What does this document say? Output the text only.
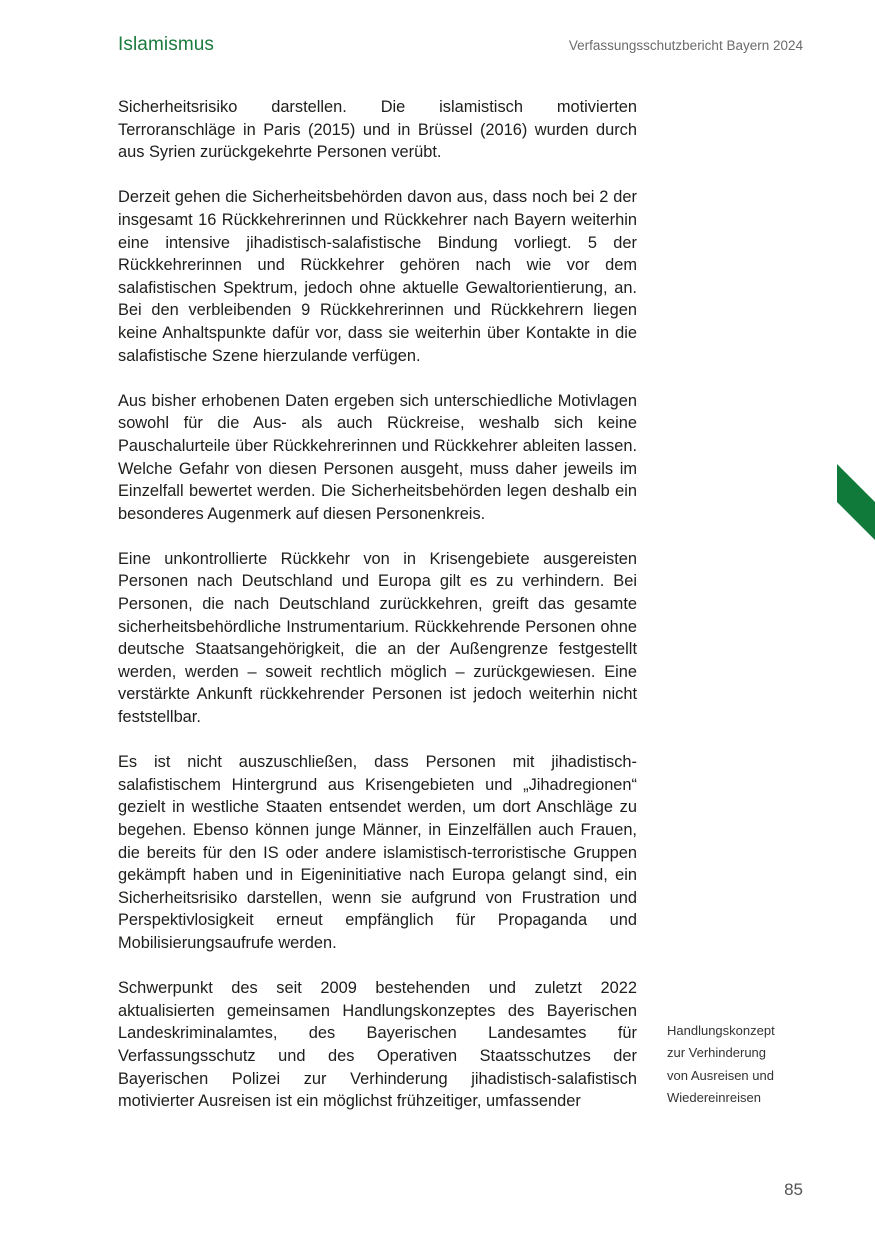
Islamismus	Verfassungsschutzbericht Bayern 2024

Sicherheitsrisiko darstellen. Die islamistisch motivierten Terroranschläge in Paris (2015) und in Brüssel (2016) wurden durch aus Syrien zurückgekehrte Personen verübt.

Derzeit gehen die Sicherheitsbehörden davon aus, dass noch bei 2 der insgesamt 16 Rückkehrerinnen und Rückkehrer nach Bayern weiterhin eine intensive jihadistisch-salafistische Bindung vorliegt. 5 der Rückkehrerinnen und Rückkehrer gehören nach wie vor dem salafistischen Spektrum, jedoch ohne aktuelle Gewaltorientierung, an. Bei den verbleibenden 9 Rückkehrerinnen und Rückkehrern liegen keine Anhaltspunkte dafür vor, dass sie weiterhin über Kontakte in die salafistische Szene hierzulande verfügen.

Aus bisher erhobenen Daten ergeben sich unterschiedliche Motivlagen sowohl für die Aus- als auch Rückreise, weshalb sich keine Pauschalurteile über Rückkehrerinnen und Rückkehrer ableiten lassen. Welche Gefahr von diesen Personen ausgeht, muss daher jeweils im Einzelfall bewertet werden. Die Sicherheitsbehörden legen deshalb ein besonderes Augenmerk auf diesen Personenkreis.

Eine unkontrollierte Rückkehr von in Krisengebiete ausgereisten Personen nach Deutschland und Europa gilt es zu verhindern. Bei Personen, die nach Deutschland zurückkehren, greift das gesamte sicherheitsbehördliche Instrumentarium. Rückkehrende Personen ohne deutsche Staatsangehörigkeit, die an der Außengrenze festgestellt werden, werden – soweit rechtlich möglich – zurückgewiesen. Eine verstärkte Ankunft rückkehrender Personen ist jedoch weiterhin nicht feststellbar.

Es ist nicht auszuschließen, dass Personen mit jihadistisch-salafistischem Hintergrund aus Krisengebieten und „Jihadregionen“ gezielt in westliche Staaten entsendet werden, um dort Anschläge zu begehen. Ebenso können junge Männer, in Einzelfällen auch Frauen, die bereits für den IS oder andere islamistisch-terroristische Gruppen gekämpft haben und in Eigeninitiative nach Europa gelangt sind, ein Sicherheitsrisiko darstellen, wenn sie aufgrund von Frustration und Perspektivlosigkeit erneut empfänglich für Propaganda und Mobilisierungsaufrufe werden.

Schwerpunkt des seit 2009 bestehenden und zuletzt 2022 aktualisierten gemeinsamen Handlungskonzeptes des Bayerischen Landeskriminalamtes, des Bayerischen Landesamtes für Verfassungsschutz und des Operativen Staatsschutzes der Bayerischen Polizei zur Verhinderung jihadistisch-salafistisch motivierter Ausreisen ist ein möglichst frühzeitiger, umfassender

Handlungskonzept
zur Verhinderung
von Ausreisen und
Wiedereinreisen
85
